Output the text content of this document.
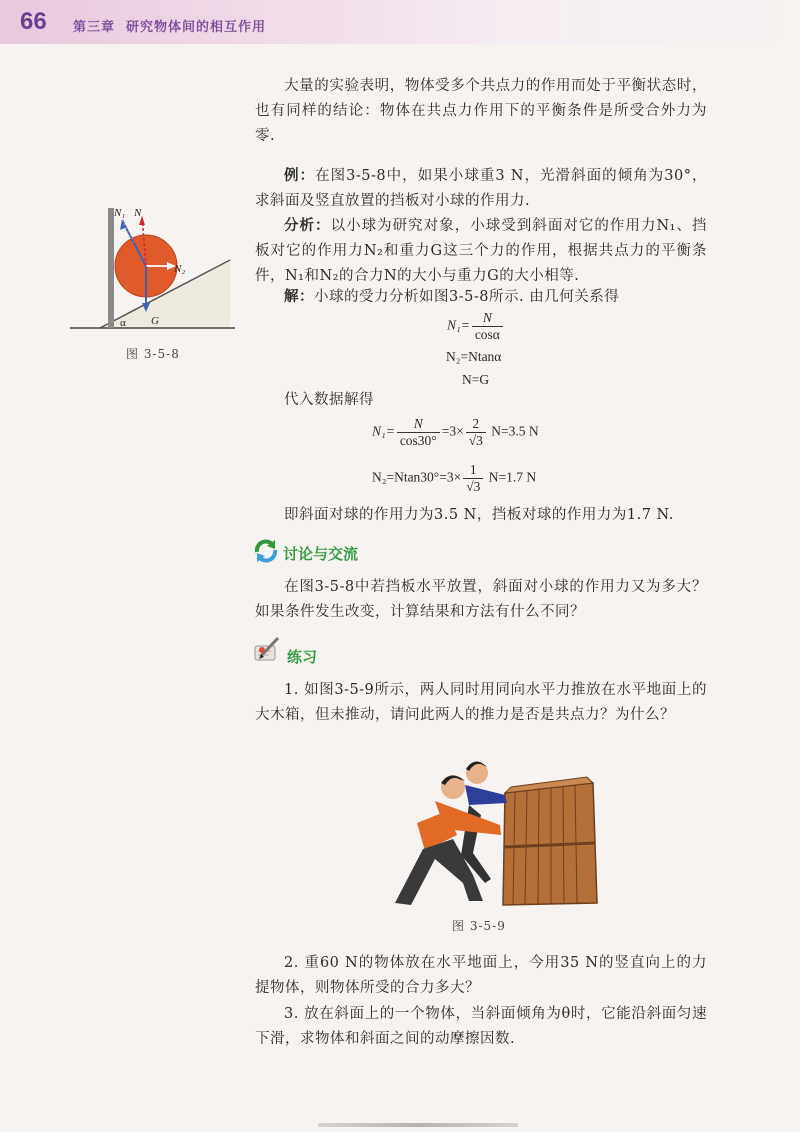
66 第三章  研究物体间的相互作用

大量的实验表明，物体受多个共点力的作用而处于平衡状态时，也有同样的结论：物体在共点力作用下的平衡条件是所受合外力为零.

例：在图3-5-8中，如果小球重3 N，光滑斜面的倾角为30°，求斜面及竖直放置的挡板对小球的作用力.

分析：以小球为研究对象，小球受到斜面对它的作用力N₁、挡板对它的作用力N₂和重力G这三个力的作用，根据共点力的平衡条件，N₁和N₂的合力N的大小与重力G的大小相等.

解：小球的受力分析如图3-5-8所示. 由几何关系得

$N_1= \frac{N}{\cos\alpha}$
N₂=Ntanα
N=G

代入数据解得

$N_1= \frac{N}{\cos 30^\circ} =3\times \frac{2}{√3} N=3.5$ N
$N_2=Ntan30^\circ=3\times \frac{1}{√3} N=1.7$ N

即斜面对球的作用力为3.5 N，挡板对球的作用力为1.7 N.

N₁ N
N₂
G
α
图 3-5-8
讨论与交流

在图3-5-8中若挡板水平放置，斜面对小球的作用力又为多大？如果条件发生改变，计算结果和方法有什么不同？

练习

1. 如图3-5-9所示，两人同时用同向水平力推放在水平地面上的大木箱，但未推动，请问此两人的推力是否是共点力？为什么？

图 3-5-9

2. 重60 N的物体放在水平地面上，今用35 N的竖直向上的力提物体，则物体所受的合力多大？

3. 放在斜面上的一个物体，当斜面倾角为θ时，它能沿斜面匀速下滑，求物体和斜面之间的动摩擦因数.
